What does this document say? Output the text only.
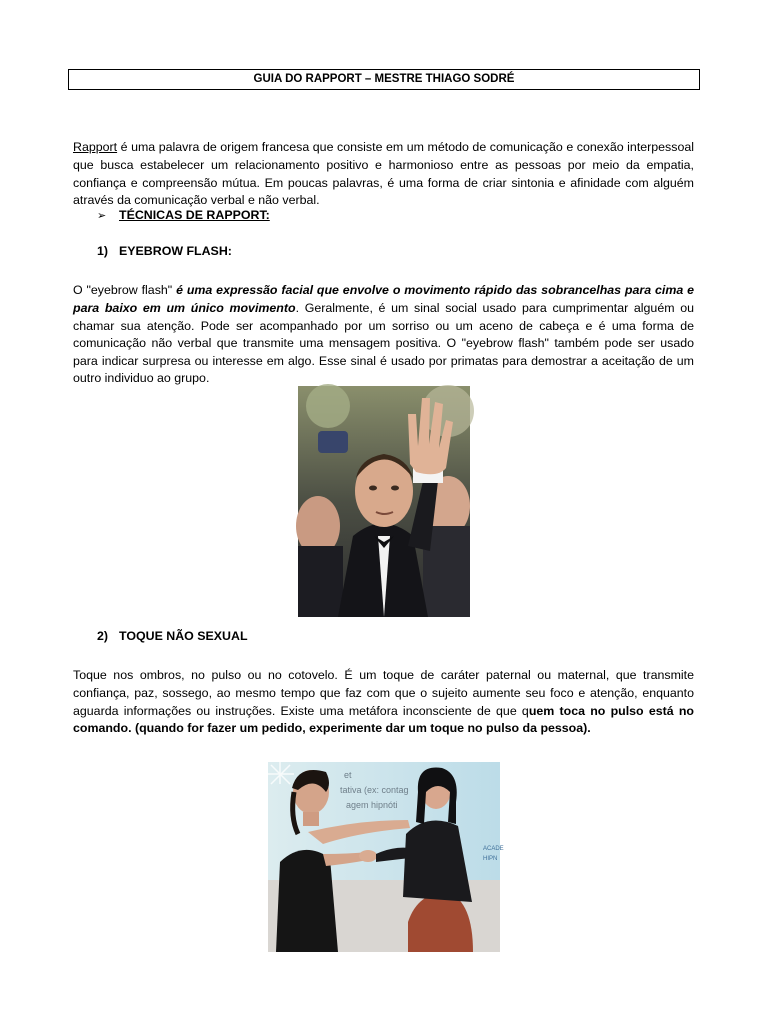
GUIA DO RAPPORT – MESTRE THIAGO SODRÉ

Rapport é uma palavra de origem francesa que consiste em um método de comunicação e conexão interpessoal que busca estabelecer um relacionamento positivo e harmonioso entre as pessoas por meio da empatia, confiança e compreensão mútua. Em poucas palavras, é uma forma de criar sintonia e afinidade com alguém através da comunicação verbal e não verbal.

➢ TÉCNICAS DE RAPPORT:
1) EYEBROW FLASH:

O "eyebrow flash" é uma expressão facial que envolve o movimento rápido das sobrancelhas para cima e para baixo em um único movimento. Geralmente, é um sinal social usado para cumprimentar alguém ou chamar sua atenção. Pode ser acompanhado por um sorriso ou um aceno de cabeça e é uma forma de comunicação não verbal que transmite uma mensagem positiva. O "eyebrow flash" também pode ser usado para indicar surpresa ou interesse em algo. Esse sinal é usado por primatas para demostrar a aceitação de um outro individuo ao grupo.

2) TOQUE NÃO SEXUAL

Toque nos ombros, no pulso ou no cotovelo. É um toque de caráter paternal ou maternal, que transmite confiança, paz, sossego, ao mesmo tempo que faz com que o sujeito aumente seu foco e atenção, enquanto aguarda informações ou instruções. Existe uma metáfora inconsciente de que quem toca no pulso está no comando. (quando for fazer um pedido, experimente dar um toque no pulso da pessoa).

et
tativa (ex: contag
agem hipnóti
ACADE
HIPN
